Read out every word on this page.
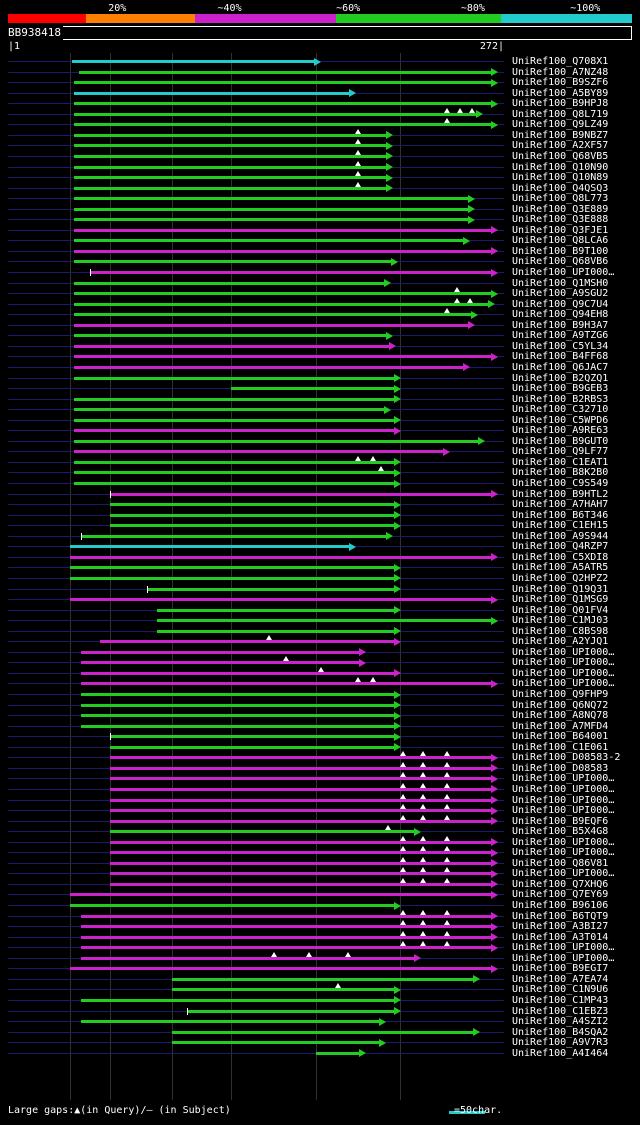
20%	~40%	~60%	~80%	~100%
BB938418
|1	272|
UniRef100_Q708X1
UniRef100_A7NZ48
UniRef100_B9SZF6
UniRef100_A5BY89
UniRef100_B9HPJ8
UniRef100_Q8L719
UniRef100_Q9LZ49
UniRef100_B9NBZ7
UniRef100_A2XF57
UniRef100_Q68VB5
UniRef100_Q10N90
UniRef100_Q10N89
UniRef100_Q4QSQ3
UniRef100_Q8L773
UniRef100_Q3E889
UniRef100_Q3E888
UniRef100_Q3FJE1
UniRef100_Q8LCA6
UniRef100_B9T100
UniRef100_Q68VB6
UniRef100_UPI000…
UniRef100_Q1MSH0
UniRef100_A9SGU2
UniRef100_Q9C7U4
UniRef100_Q94EH8
UniRef100_B9H3A7
UniRef100_A9TZG6
UniRef100_C5YL34
UniRef100_B4FF68
UniRef100_Q6JAC7
UniRef100_B2QZQ1
UniRef100_B9GEB3
UniRef100_B2RBS3
UniRef100_C32710
UniRef100_C5WPD6
UniRef100_A9RE63
UniRef100_B9GUT0
UniRef100_Q9LF77
UniRef100_C1EAT1
UniRef100_B8K2B0
UniRef100_C9S549
UniRef100_B9HTL2
UniRef100_A7HAH7
UniRef100_B6T346
UniRef100_C1EH15
UniRef100_A9S944
UniRef100_Q4RZP7
UniRef100_C5XDI8
UniRef100_A5ATR5
UniRef100_Q2HPZ2
UniRef100_Q19Q31
UniRef100_Q1MSG9
UniRef100_Q01FV4
UniRef100_C1MJ03
UniRef100_C8BS98
UniRef100_A2YJQ1
UniRef100_UPI000…
UniRef100_UPI000…
UniRef100_UPI000…
UniRef100_UPI000…
UniRef100_Q9FHP9
UniRef100_Q6NQ72
UniRef100_A8NQ78
UniRef100_A7MFD4
UniRef100_B64001
UniRef100_C1E061
UniRef100_D08583-2
UniRef100_D08583
UniRef100_UPI000…
UniRef100_UPI000…
UniRef100_UPI000…
UniRef100_UPI000…
UniRef100_B9EQF6
UniRef100_B5X4G8
UniRef100_UPI000…
UniRef100_UPI000…
UniRef100_Q86V81
UniRef100_UPI000…
UniRef100_Q7XHQ6
UniRef100_Q7EY69
UniRef100_B96106
UniRef100_B6TQT9
UniRef100_A3BI27
UniRef100_A3T014
UniRef100_UPI000…
UniRef100_UPI000…
UniRef100_B9EGI7
UniRef100_A7EA74
UniRef100_C1N9U6
UniRef100_C1MP43
UniRef100_C1EBZ3
UniRef100_A4SZI2
UniRef100_B4SQA2
UniRef100_A9V7R3
UniRef100_A4I464
Large gaps:▲(in Query)/– (in Subject)	=50char.
